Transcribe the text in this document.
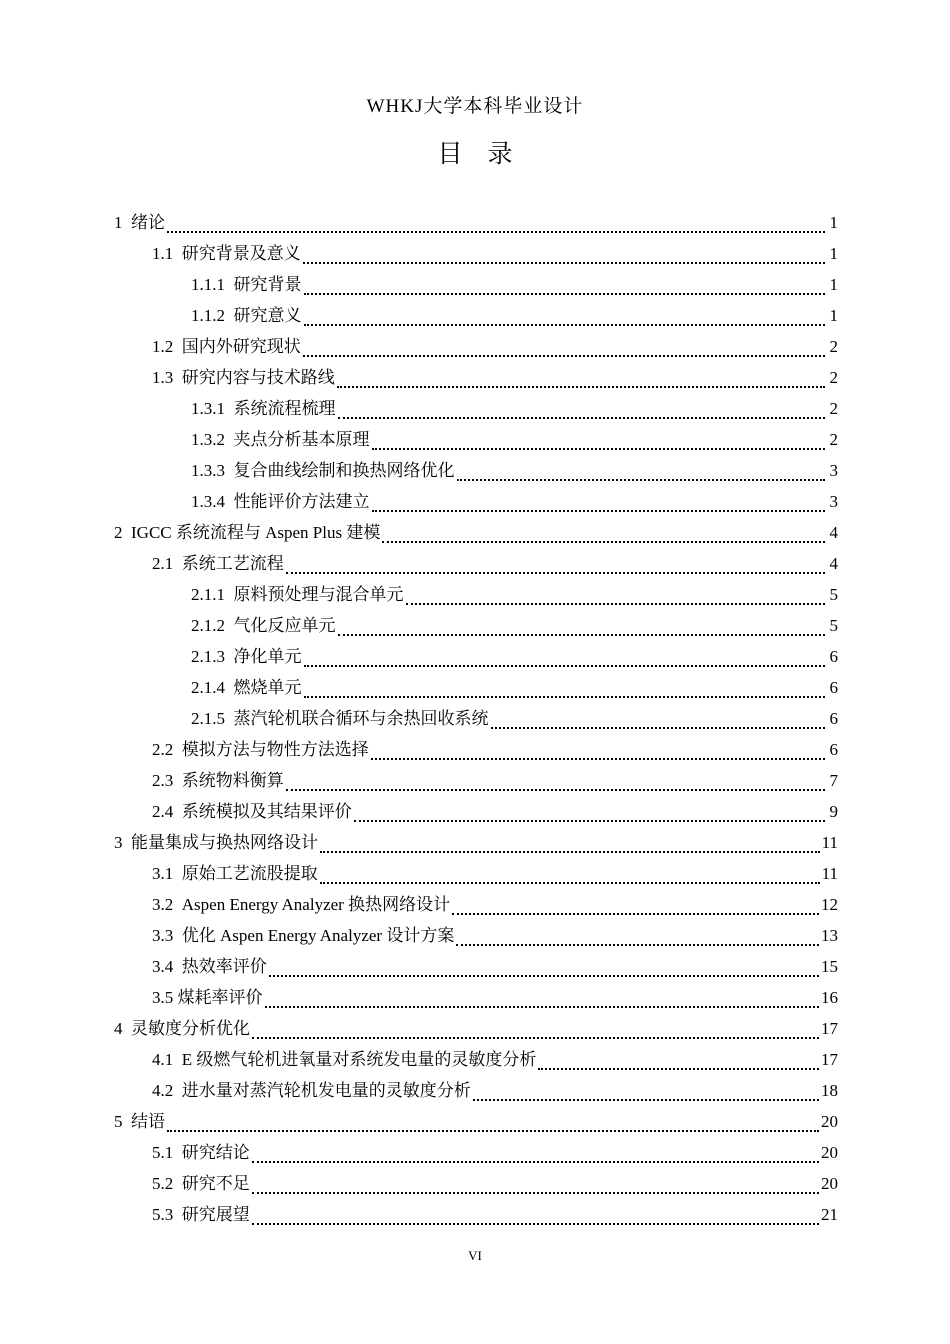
WHKJ大学本科毕业设计
目　录
1 绪论	1
1.1 研究背景及意义	1
1.1.1 研究背景	1
1.1.2 研究意义	1
1.2 国内外研究现状	2
1.3 研究内容与技术路线	2
1.3.1 系统流程梳理	2
1.3.2 夹点分析基本原理	2
1.3.3 复合曲线绘制和换热网络优化	3
1.3.4 性能评价方法建立	3
2 IGCC 系统流程与 Aspen Plus 建模	4
2.1 系统工艺流程	4
2.1.1 原料预处理与混合单元	5
2.1.2 气化反应单元	5
2.1.3 净化单元	6
2.1.4 燃烧单元	6
2.1.5 蒸汽轮机联合循环与余热回收系统	6
2.2 模拟方法与物性方法选择	6
2.3 系统物料衡算	7
2.4 系统模拟及其结果评价	9
3 能量集成与换热网络设计	11
3.1 原始工艺流股提取	11
3.2 Aspen Energy Analyzer 换热网络设计	12
3.3 优化 Aspen Energy Analyzer 设计方案	13
3.4 热效率评价	15
3.5 煤耗率评价	16
4 灵敏度分析优化	17
4.1 E 级燃气轮机进氧量对系统发电量的灵敏度分析	17
4.2 进水量对蒸汽轮机发电量的灵敏度分析	18
5 结语	20
5.1 研究结论	20
5.2 研究不足	20
5.3 研究展望	21
VI
